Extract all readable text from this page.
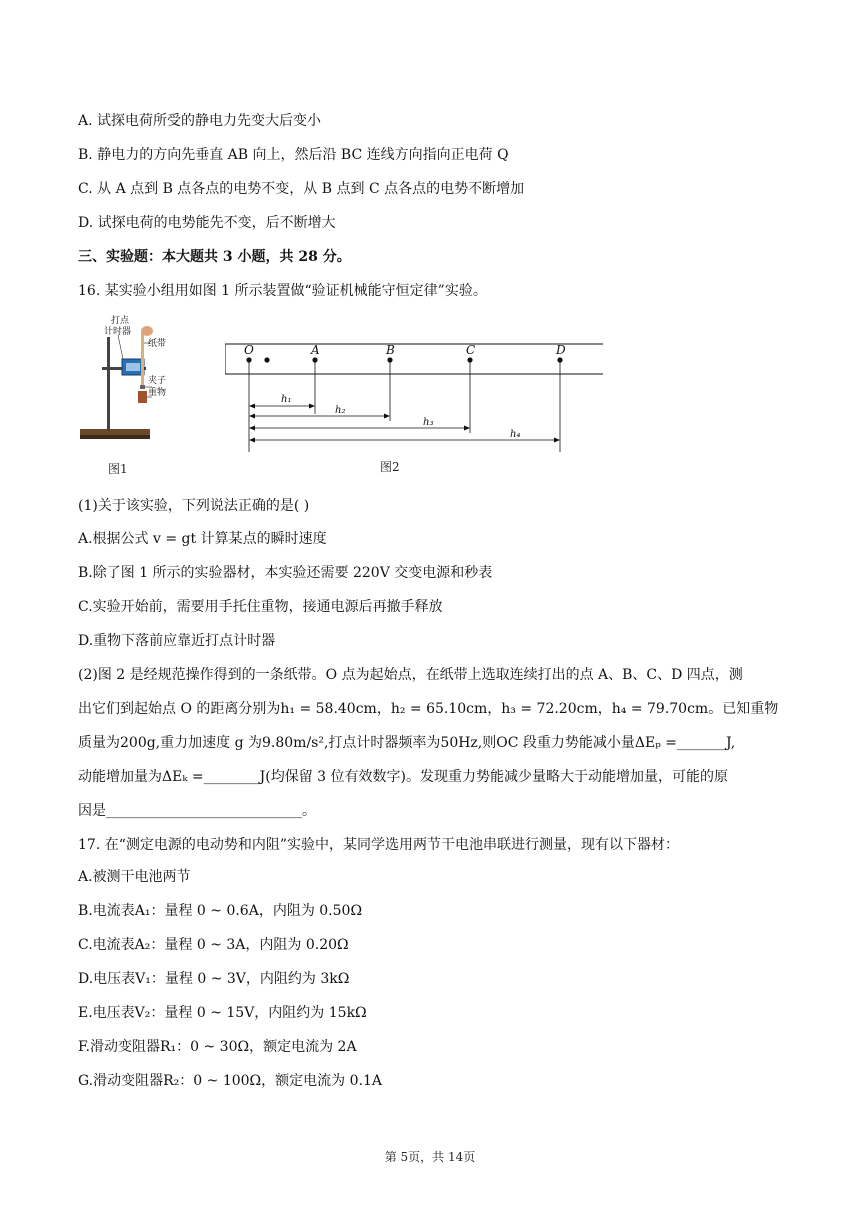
A. 试探电荷所受的静电力先变大后变小
B. 静电力的方向先垂直 AB 向上，然后沿 BC 连线方向指向正电荷 Q
C. 从 A 点到 B 点各点的电势不变，从 B 点到 C 点各点的电势不断增加
D. 试探电荷的电势能先不变，后不断增大
三、实验题：本大题共 3 小题，共 28 分。
16. 某实验小组用如图 1 所示装置做“验证机械能守恒定律”实验。
打点
计时器
纸带
夹子
重物
图1
O	A	B	C	D
h₁
h₂
h₃
h₄
图2
(1)关于该实验，下列说法正确的是( )
A.根据公式 v = gt 计算某点的瞬时速度
B.除了图 1 所示的实验器材，本实验还需要 220V 交变电源和秒表
C.实验开始前，需要用手托住重物，接通电源后再撤手释放
D.重物下落前应靠近打点计时器
(2)图 2 是经规范操作得到的一条纸带。O 点为起始点，在纸带上选取连续打出的点 A、B、C、D 四点，测
出它们到起始点 O 的距离分别为h₁ = 58.40cm，h₂ = 65.10cm，h₃ = 72.20cm，h₄ = 79.70cm。已知重物
质量为200g,重力加速度 g 为9.80m/s²,打点计时器频率为50Hz,则OC 段重力势能减小量ΔEₚ =_______J,
动能增加量为ΔEₖ =________J(均保留 3 位有效数字)。发现重力势能减少量略大于动能增加量，可能的原
因是____________________________。
17. 在“测定电源的电动势和内阻”实验中，某同学选用两节干电池串联进行测量，现有以下器材：
A.被测干电池两节
B.电流表A₁：量程 0 ~ 0.6A，内阻为 0.50Ω
C.电流表A₂：量程 0 ~ 3A，内阻为 0.20Ω
D.电压表V₁：量程 0 ~ 3V，内阻约为 3kΩ
E.电压表V₂：量程 0 ~ 15V，内阻约为 15kΩ
F.滑动变阻器R₁：0 ~ 30Ω，额定电流为 2A
G.滑动变阻器R₂：0 ~ 100Ω，额定电流为 0.1A
第 5页，共 14页
